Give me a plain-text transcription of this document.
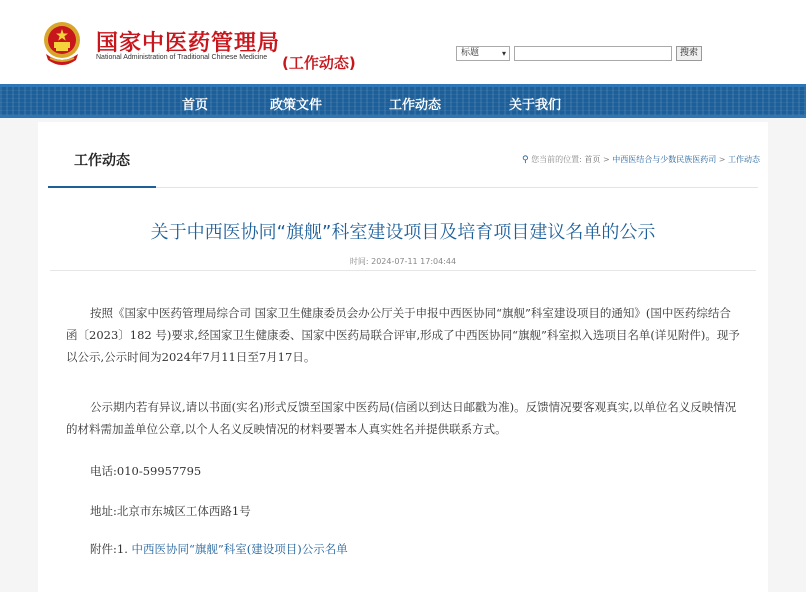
国家中医药管理局
National Administration of Traditional Chinese Medicine (工作动态)
标题	▾	搜索
首页	政策文件	工作动态	关于我们
工作动态	⚲ 您当前的位置: 首页 > 中西医结合与少数民族医药司 > 工作动态
关于中西医协同“旗舰”科室建设项目及培育项目建议名单的公示
时间: 2024-07-11 17:04:44
按照《国家中医药管理局综合司 国家卫生健康委员会办公厅关于申报中西医协同“旗舰”科室建设项目的通知》(国中医药综结合函〔2023〕182 号)要求,经国家卫生健康委、国家中医药局联合评审,形成了中西医协同“旗舰”科室拟入选项目名单(详见附件)。现予以公示,公示时间为2024年7月11日至7月17日。
公示期内若有异议,请以书面(实名)形式反馈至国家中医药局(信函以到达日邮戳为准)。反馈情况要客观真实,以单位名义反映情况的材料需加盖单位公章,以个人名义反映情况的材料要署本人真实姓名并提供联系方式。
电话:010-59957795
地址:北京市东城区工体西路1号
附件:1. 中西医协同“旗舰”科室(建设项目)公示名单
